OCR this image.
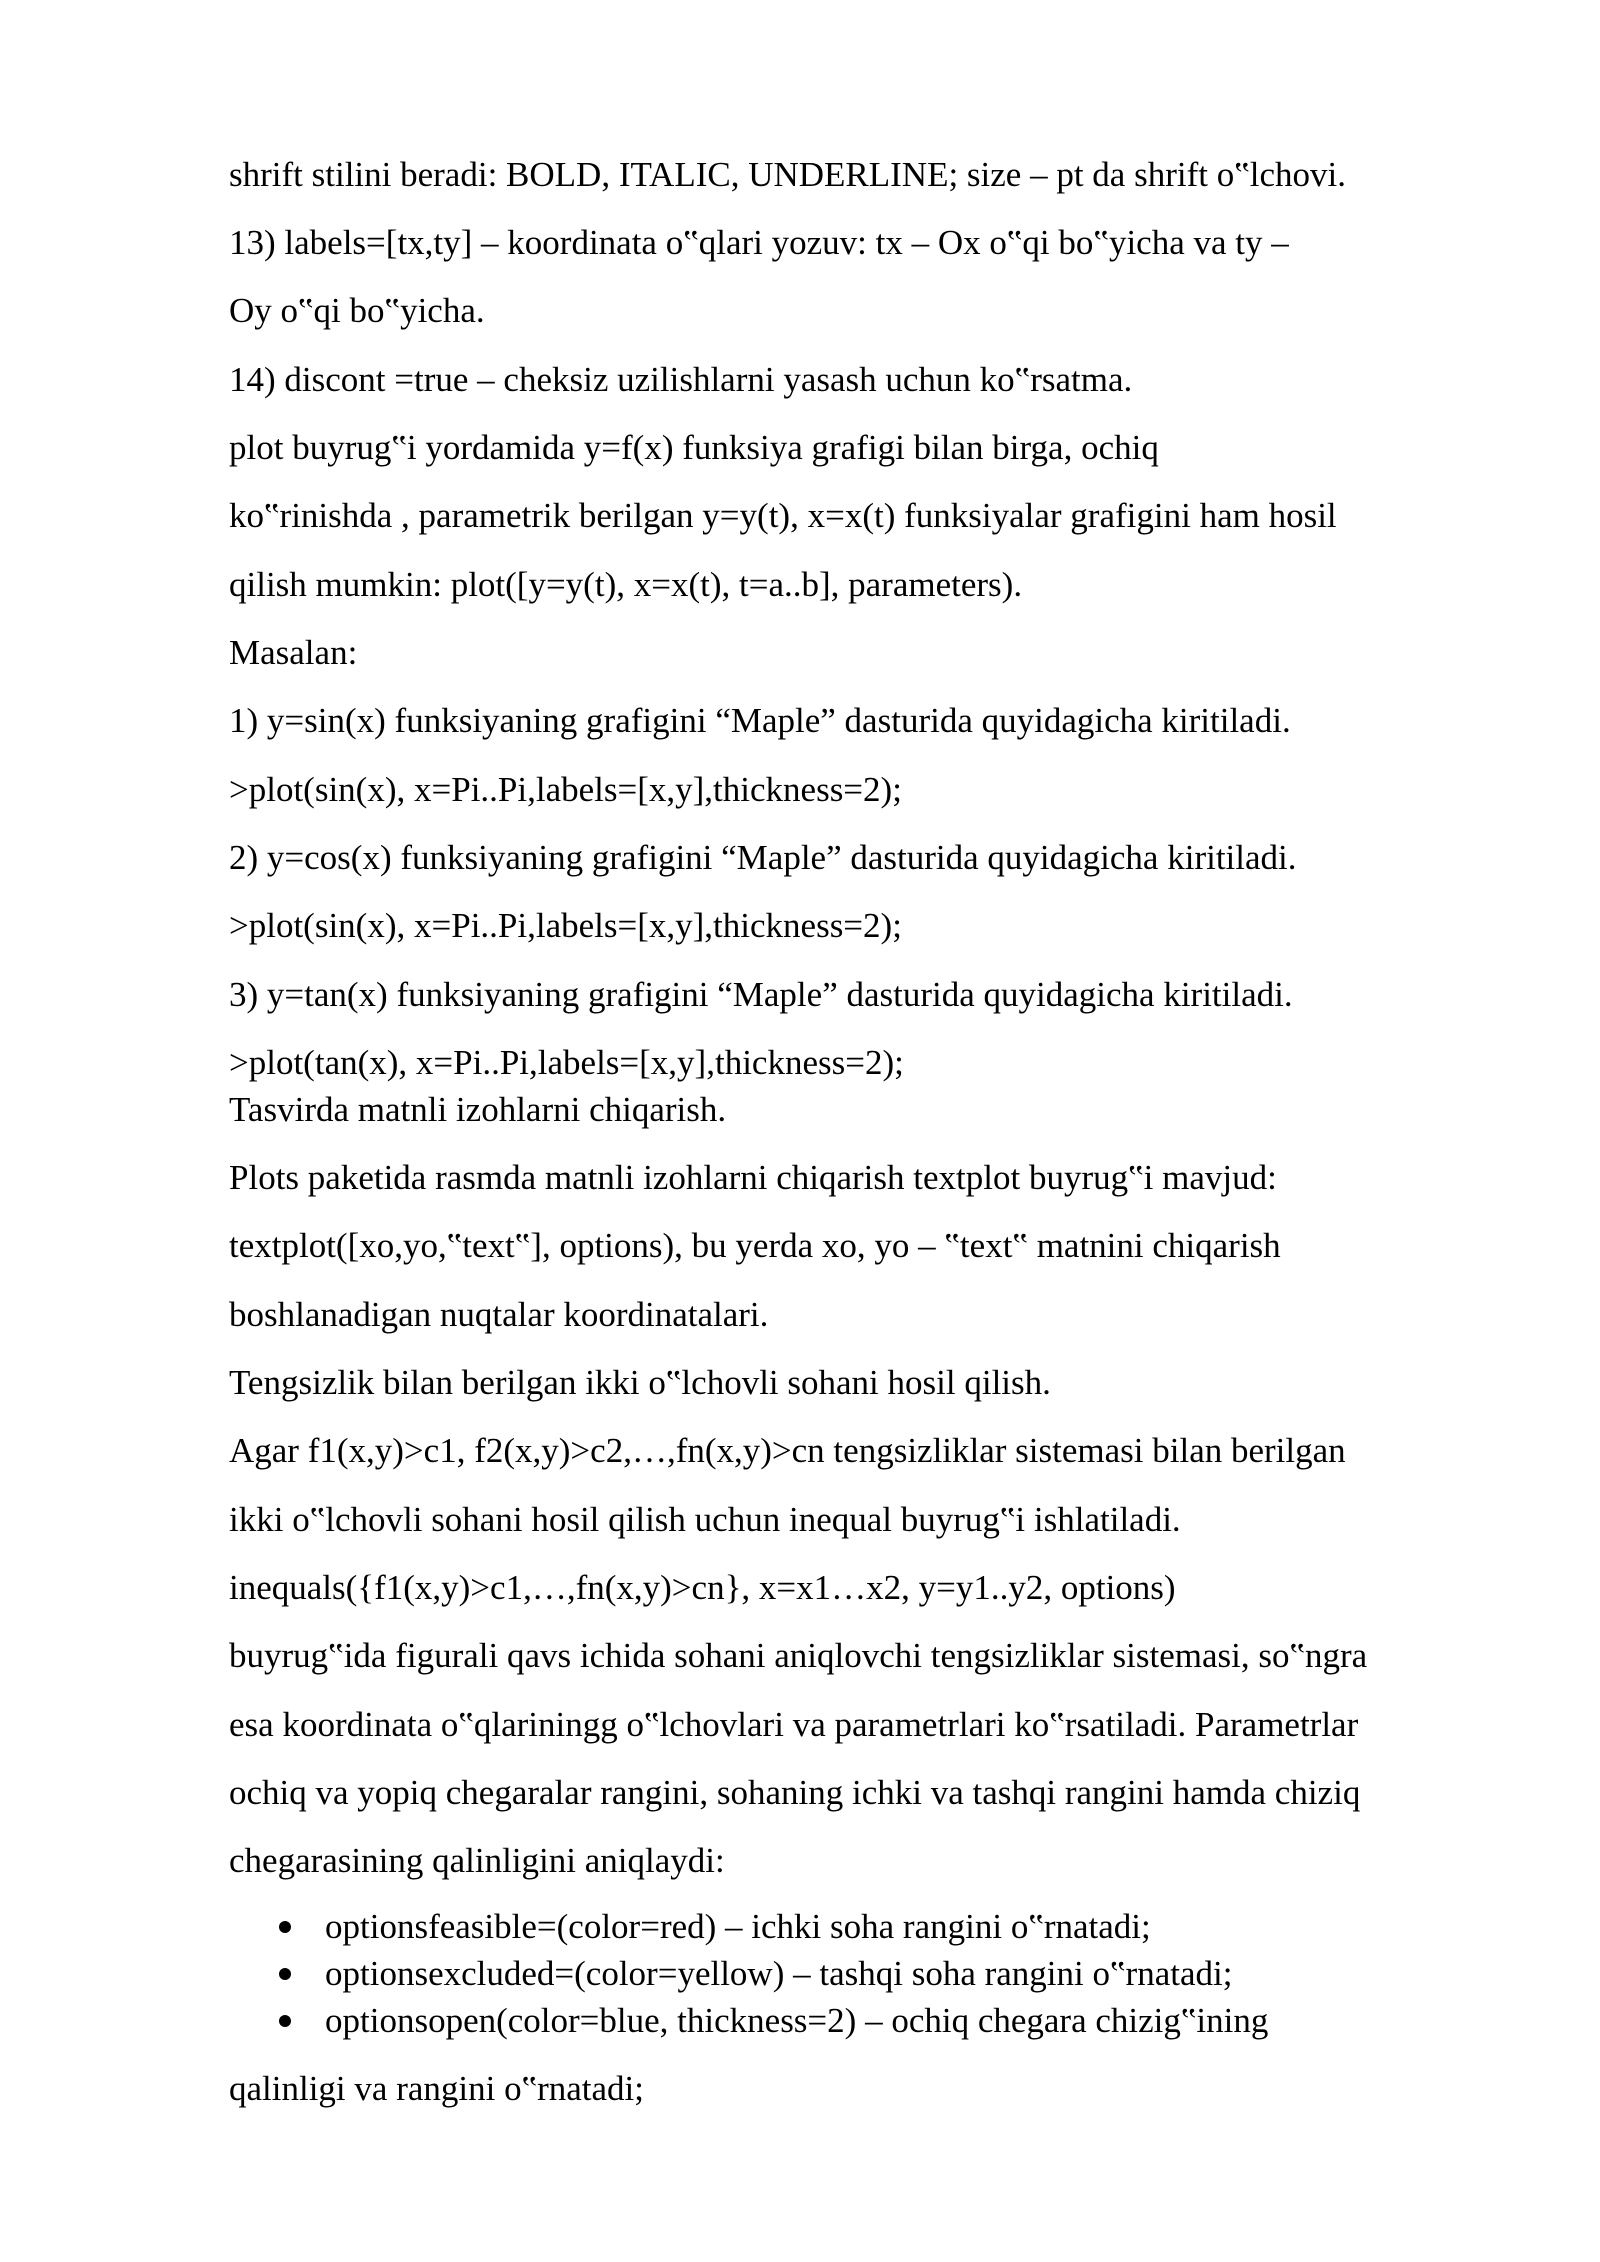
shrift stilini beradi: BOLD, ITALIC, UNDERLINE; size – pt da shrift o‟lchovi.
13) labels=[tx,ty] – koordinata o‟qlari yozuv: tx – Ox o‟qi bo‟yicha va ty –
Oy o‟qi bo‟yicha.
14) discont =true – cheksiz uzilishlarni yasash uchun ko‟rsatma.
plot buyrug‟i yordamida y=f(x) funksiya grafigi bilan birga, ochiq
ko‟rinishda , parametrik berilgan y=y(t), x=x(t) funksiyalar grafigini ham hosil
qilish mumkin: plot([y=y(t), x=x(t), t=a..b], parameters).
Masalan:
1) y=sin(x) funksiyaning grafigini “Maple” dasturida quyidagicha kiritiladi.
>plot(sin(x), x=Pi..Pi,labels=[x,y],thickness=2);
2) y=cos(x) funksiyaning grafigini “Maple” dasturida quyidagicha kiritiladi.
>plot(sin(x), x=Pi..Pi,labels=[x,y],thickness=2);
3) y=tan(x) funksiyaning grafigini “Maple” dasturida quyidagicha kiritiladi.
>plot(tan(x), x=Pi..Pi,labels=[x,y],thickness=2);
Tasvirda matnli izohlarni chiqarish.
Plots paketida rasmda matnli izohlarni chiqarish textplot buyrug‟i mavjud:
textplot([xo,yo,‟text‟], options), bu yerda xo, yo – ‟text‟ matnini chiqarish
boshlanadigan nuqtalar koordinatalari.
Tengsizlik bilan berilgan ikki o‟lchovli sohani hosil qilish.
Agar f1(x,y)>c1, f2(x,y)>c2,…,fn(x,y)>cn tengsizliklar sistemasi bilan berilgan
ikki o‟lchovli sohani hosil qilish uchun inequal buyrug‟i ishlatiladi.
inequals({f1(x,y)>c1,…,fn(x,y)>cn}, x=x1…x2, y=y1..y2, options)
buyrug‟ida figurali qavs ichida sohani aniqlovchi tengsizliklar sistemasi, so‟ngra
esa koordinata o‟qlariningg o‟lchovlari va parametrlari ko‟rsatiladi. Parametrlar
ochiq va yopiq chegaralar rangini, sohaning ichki va tashqi rangini hamda chiziq
chegarasining qalinligini aniqlaydi:
optionsfeasible=(color=red) – ichki soha rangini o‟rnatadi;
optionsexcluded=(color=yellow) – tashqi soha rangini o‟rnatadi;
optionsopen(color=blue, thickness=2) – ochiq chegara chizig‟ining
qalinligi va rangini o‟rnatadi;
